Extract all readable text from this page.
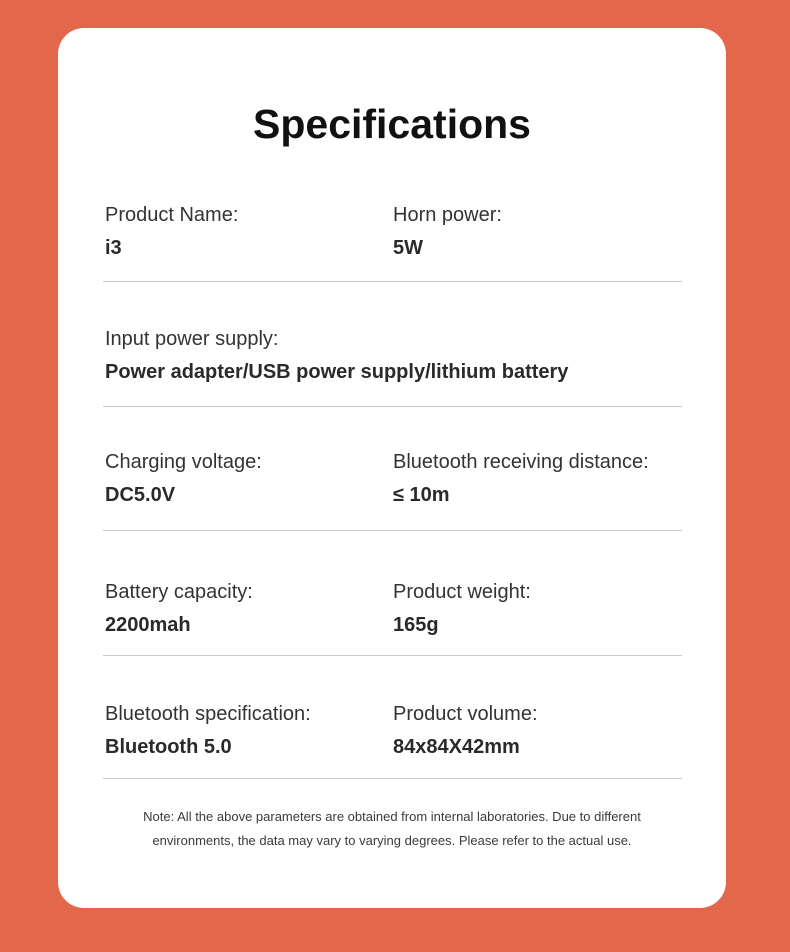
Specifications
Product Name:
i3
Horn power:
5W
Input power supply:
Power adapter/USB power supply/lithium battery
Charging voltage:
DC5.0V
Bluetooth receiving distance:
≤ 10m
Battery capacity:
2200mah
Product weight:
165g
Bluetooth specification:
Bluetooth 5.0
Product volume:
84x84X42mm

Note: All the above parameters are obtained from internal laboratories. Due to different
environments, the data may vary to varying degrees. Please refer to the actual use.
